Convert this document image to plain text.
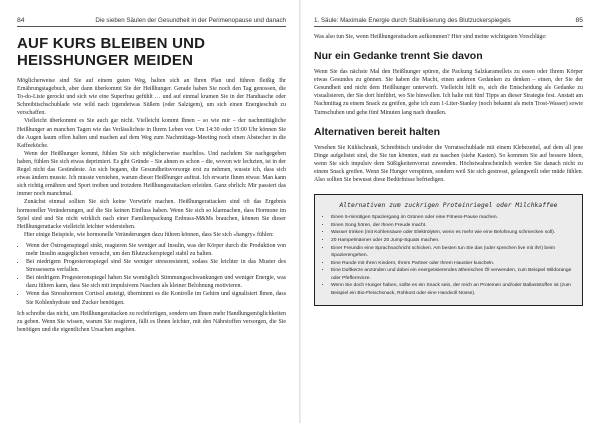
84	Die sieben Säulen der Gesundheit in der Perimenopause und danach
AUF KURS BLEIBEN UND HEISSHUNGER MEIDEN

Möglicherweise sind Sie auf einem guten Weg, halten sich an Ihren Plan und führen fleißig Ihr Ernährungstagebuch, aber dann überkommt Sie der Heißhunger. Gerade haben Sie noch den Tag genossen, die To-do-Liste gerockt und sich wie eine Superfrau gefühlt … und auf einmal kramen Sie in der Handtasche oder Schreibtischschublade wie wild nach irgendetwas Süßem (oder Salzigem), um sich einen Energieschub zu verschaffen.

Vielleicht überkommt es Sie auch gar nicht. Vielleicht kommt Ihnen – so wie mir – der nachmittägliche Heißhunger an manchen Tagen wie das Verlässlichste in Ihrem Leben vor. Um 14:30 oder 15:00 Uhr können Sie die Augen kaum offen halten und machen auf dem Weg zum Nachmittags-Meeting noch einen Abstecher in die Kaffeeküche.

Wenn der Heißhunger kommt, fühlen Sie sich möglicherweise machtlos. Und nachdem Sie nachgegeben haben, fühlen Sie sich etwas deprimiert. Es gibt Gründe – Sie ahnen es schon – die, wovon wir lechzten, ist in der Regel nicht das Gesündeste. An sich begann, die Gesundheitsvorsorge erst zu nehmen, wusste ich, dass sich etwas ändern musste. Ich musste verstehen, warum dieser Heißhunger auftrat. Ich erwarte Ihnen etwas: Man kann sich richtig ernähren und Sport treiben und trotzdem Heißhungerattacken erleiden. Ganz ehrlich: Mir passiert das immer noch manchmal.

Zunächst einmal sollten Sie sich keine Vorwürfe machen. Heißhungerattacken sind oft das Ergebnis hormoneller Veränderungen, auf die Sie keinen Einfluss haben. Wenn Sie sich so klarmachen, dass Hormone im Spiel sind und Sie nicht wirklich nach einer Familienpackung Erdnuss-M&Ms brauchen, können Sie dieser Heißhungerattacke vielleicht leichter widerstehen.

Hier einige Beispiele, wie hormonelle Veränderungen dazu führen können, dass Sie sich »hangry« fühlen:

• Wenn der Östrogenspiegel sinkt, reagieren Sie weniger auf Insulin, was der Körper durch die Produktion von mehr Insulin ausgeglichen versucht, um den Blutzuckerspiegel stabil zu halten.
• Bei niedrigem Progesteronspiegel sind Sie weniger stressresistent, sodass Sie leichter in das Muster des Stressessens verfallen.
• Bei niedrigem Progesteronspiegel haben Sie womöglich Stimmungsschwankungen und weniger Energie, was dazu führen kann, dass Sie sich mit impulsivem Naschen als kleiner Belohnung motivieren.
• Wenn das Stresshormon Cortisol ansteigt, übernimmt es die Kontrolle im Gehirn und signalisiert Ihnen, dass Sie Kohlenhydrate und Zucker benötigen.

Ich schreibe das nicht, um Heißhungerattacken zu rechtfertigen, sondern um Ihnen mehr Handlungsmöglichkeiten zu geben. Wenn Sie wissen, warum Sie reagieren, fällt es Ihnen leichter, mit den Nährstoffen versorgen, die Sie benötigen und die eigentlichen Ursachen angehen.

1. Säule: Maximale Energie durch Stabilisierung des Blutzuckerspiegels	85

Was also tun Sie, wenn Heißhungerattacken aufkommen? Hier sind meine wichtigsten Vorschläge:

Nur ein Gedanke trennt Sie davon

Wenn Sie das nächste Mal den Heißhunger spüren, die Packung Salzkaramelleis zu essen oder Ihrem Körper etwas Gesundes zu gönnen. Sie haben die Macht, einen anderen Gedanken zu denken – einen, der Sie der Gesundheit und nicht dem Heißhunger unterwirft. Vielleicht hilft es, sich die Entscheidung als Gedanke zu visualisieren, der Sie dort hinführt, wo Sie hinwollen. Ich halte mit fünf Tipps an dieser Strategie fest. Anstatt am Nachmittag zu einem Snack zu greifen, gehe ich zum 1-Liter-Stanley (noch bekannt als mein Trost-Wasser) sowie Turnschuhen und gehe fünf Minuten lang nach draußen.

Alternativen bereit halten

Versehen Sie Kühlschrank, Schreibtisch und/oder die Vorratsschublade mit einem Klebezettel, auf dem all jene Dinge aufgelistet sind, die Sie tun könnten, statt zu naschen (siehe Kasten). So kommen Sie auf bessere Ideen, wenn Sie sich impulsiv dem Süßigkeitenvorrat zuwenden. Höchstwahrscheinlich werden Sie danach nicht zu einem Snack greifen. Wenn Sie Hunger verspüren, sondern weil Sie sich gestresst, gelangweilt oder müde fühlen. Also sollten Sie bewusst diese Bedürfnisse befriedigen.

Alternativen zum zuckrigen Proteinriegel oder Milchkaffee
• Einen 5-minütigen Spaziergang im Grünen oder eine Fitness-Pause machen.
• Einen Song hören, der Ihnen Freude macht.
• Wasser trinken (mit Kohlensäure oder Elektrolyten, wenn es mehr wie eine Belohnung schmecken soll).
• 20 Hampelmänner oder 20 Jump-Squats machen.
• Einer Freundin eine Sprachnachricht schicken. Am besten tun Sie das (oder sprechen live mit ihr!) beim Spazierengehen.
• Eine Runde mit Ihren Kindern, Ihrem Partner oder Ihrem Haustier kuscheln.
• Eine Duftkerze anzünden und dabei ein energetisierendes ätherisches Öl verwenden, zum Beispiel Wildorange oder Pfefferminze.
• Wenn Sie doch Hunger haben, sollte es ein Snack sein, der reich an Proteinen und/oder Ballaststoffen ist (zum Beispiel ein Bio-Fleischsnack, Rohkost oder eine Handvoll Nüsse).
